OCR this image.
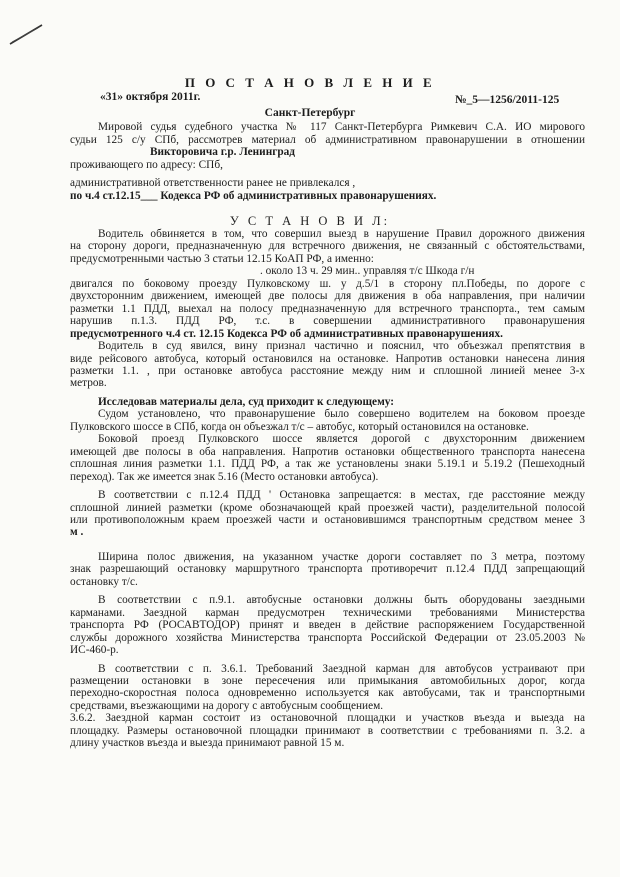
П О С Т А Н О В Л Е Н И Е
«31» октября 2011г.	№_5—1256/2011-125
Санкт-Петербург
Мировой судья судебного участка № 117 Санкт-Петербурга Римкевич С.А. ИО мирового
судьи 125 с/у СПб, рассмотрев материал об административном правонарушении в отношении
Викторовича г.р. Ленинград
проживающего по адресу: СПб,
административной ответственности ранее не привлекался ,
по ч.4 ст.12.15___ Кодекса РФ об административных правонарушениях.
У С Т А Н О В И Л:
Водитель обвиняется в том, что совершил выезд в нарушение Правил дорожного движения
на сторону дороги, предназначенную для встречного движения, не связанный с обстоятельствами,
предусмотренными частью 3 статьи 12.15 КоАП РФ, а именно:
. около 13 ч. 29 мин.. управляя т/с Шкода г/н
двигался по боковому проезду Пулковскому ш. у д.5/1 в сторону пл.Победы, по дороге с
двухсторонним движением, имеющей две полосы для движения в оба направления, при наличии
разметки 1.1 ПДД, выехал на полосу предназначенную для встречного транспорта., тем самым
нарушив п.1.3. ПДД РФ, т.с. в совершении административного правонарушения
предусмотренного ч.4 ст. 12.15 Кодекса РФ об административных правонарушениях.
Водитель в суд явился, вину признал частично и пояснил, что объезжал препятствия в
виде рейсового автобуса, который остановился на остановке. Напротив остановки нанесена линия
разметки 1.1. , при остановке автобуса расстояние между ним и сплошной линией менее 3-х
метров.
Исследовав материалы дела, суд приходит к следующему:
Судом установлено, что правонарушение было совершено водителем на боковом проезде
Пулковского шоссе в СПб, когда он объезжал т/с – автобус, который остановился на остановке.
Боковой проезд Пулковского шоссе является дорогой с двухсторонним движением
имеющей две полосы в оба направления. Напротив остановки общественного транспорта нанесена
сплошная линия разметки 1.1. ПДД РФ, а так же установлены знаки 5.19.1 и 5.19.2 (Пешеходный
переход). Так же имеется знак 5.16 (Место остановки автобуса).
В соответствии с п.12.4 ПДД ' Остановка запрещается: в местах, где расстояние между
сплошной линией разметки (кроме обозначающей край проезжей части), разделительной полосой
или противоположным краем проезжей части и остановившимся транспортным средством менее 3
м .
Ширина полос движения, на указанном участке дороги составляет по 3 метра, поэтому
знак разрешающий остановку маршрутного транспорта противоречит п.12.4 ПДД запрещающий
остановку т/с.
В соответствии с п.9.1. автобусные остановки должны быть оборудованы заездными
карманами. Заездной карман предусмотрен техническими требованиями Министерства
транспорта РФ (РОСАВТОДОР) принят и введен в действие распоряжением Государственной
службы дорожного хозяйства Министерства транспорта Российской Федерации от 23.05.2003 №
ИС-460-р.
В соответствии с п. 3.6.1. Требований Заездной карман для автобусов устраивают при
размещении остановки в зоне пересечения или примыкания автомобильных дорог, когда
переходно-скоростная полоса одновременно используется как автобусами, так и транспортными
средствами, въезжающими на дорогу с автобусным сообщением.
3.6.2. Заездной карман состоит из остановочной площадки и участков въезда и выезда на
площадку. Размеры остановочной площадки принимают в соответствии с требованиями п. 3.2. а
длину участков въезда и выезда принимают равной 15 м.
